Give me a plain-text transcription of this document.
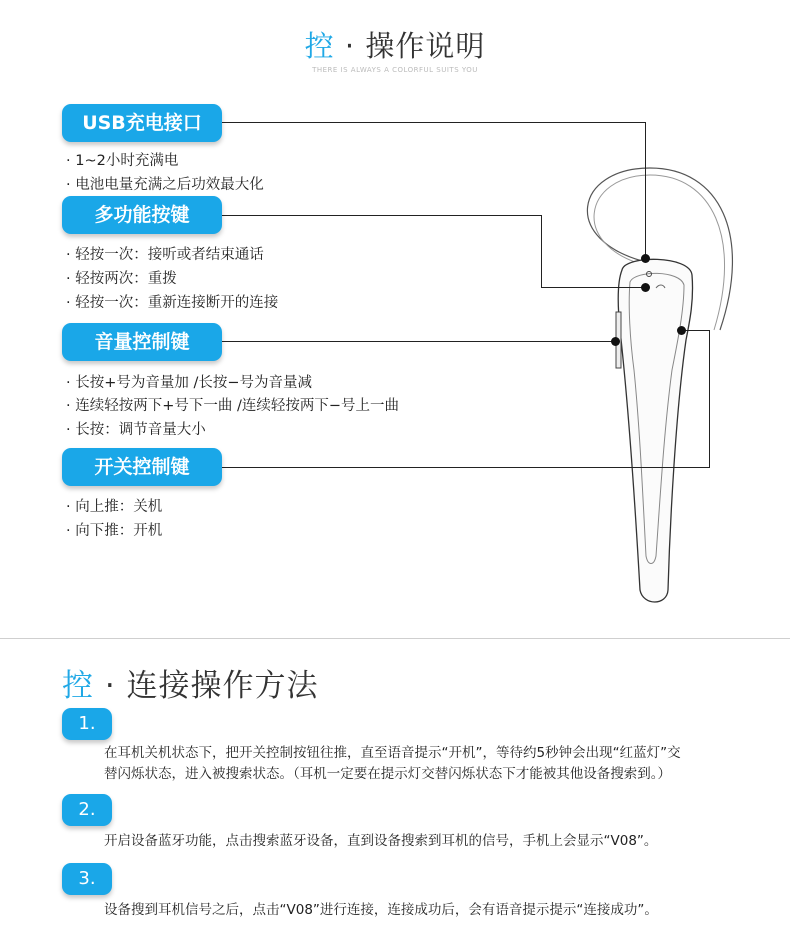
控 · 操作说明
THERE IS ALWAYS A COLORFUL SUITS YOU
USB充电接口
· 1~2小时充满电
· 电池电量充满之后功效最大化
多功能按键
· 轻按一次：接听或者结束通话
· 轻按两次：重拨
· 轻按一次：重新连接断开的连接
音量控制键
· 长按+号为音量加 /长按−号为音量减
· 连续轻按两下+号下一曲 /连续轻按两下−号上一曲
· 长按：调节音量大小
开关控制键
· 向上推：关机
· 向下推：开机
控 · 连接操作方法
1.
在耳机关机状态下，把开关控制按钮往推，直至语音提示“开机”，等待约5秒钟会出现“红蓝灯”交
替闪烁状态，进入被搜索状态。（耳机一定要在提示灯交替闪烁状态下才能被其他设备搜索到。）
2.
开启设备蓝牙功能，点击搜索蓝牙设备，直到设备搜索到耳机的信号，手机上会显示“V08”。
3.
设备搜到耳机信号之后，点击“V08”进行连接，连接成功后，会有语音提示提示“连接成功”。
